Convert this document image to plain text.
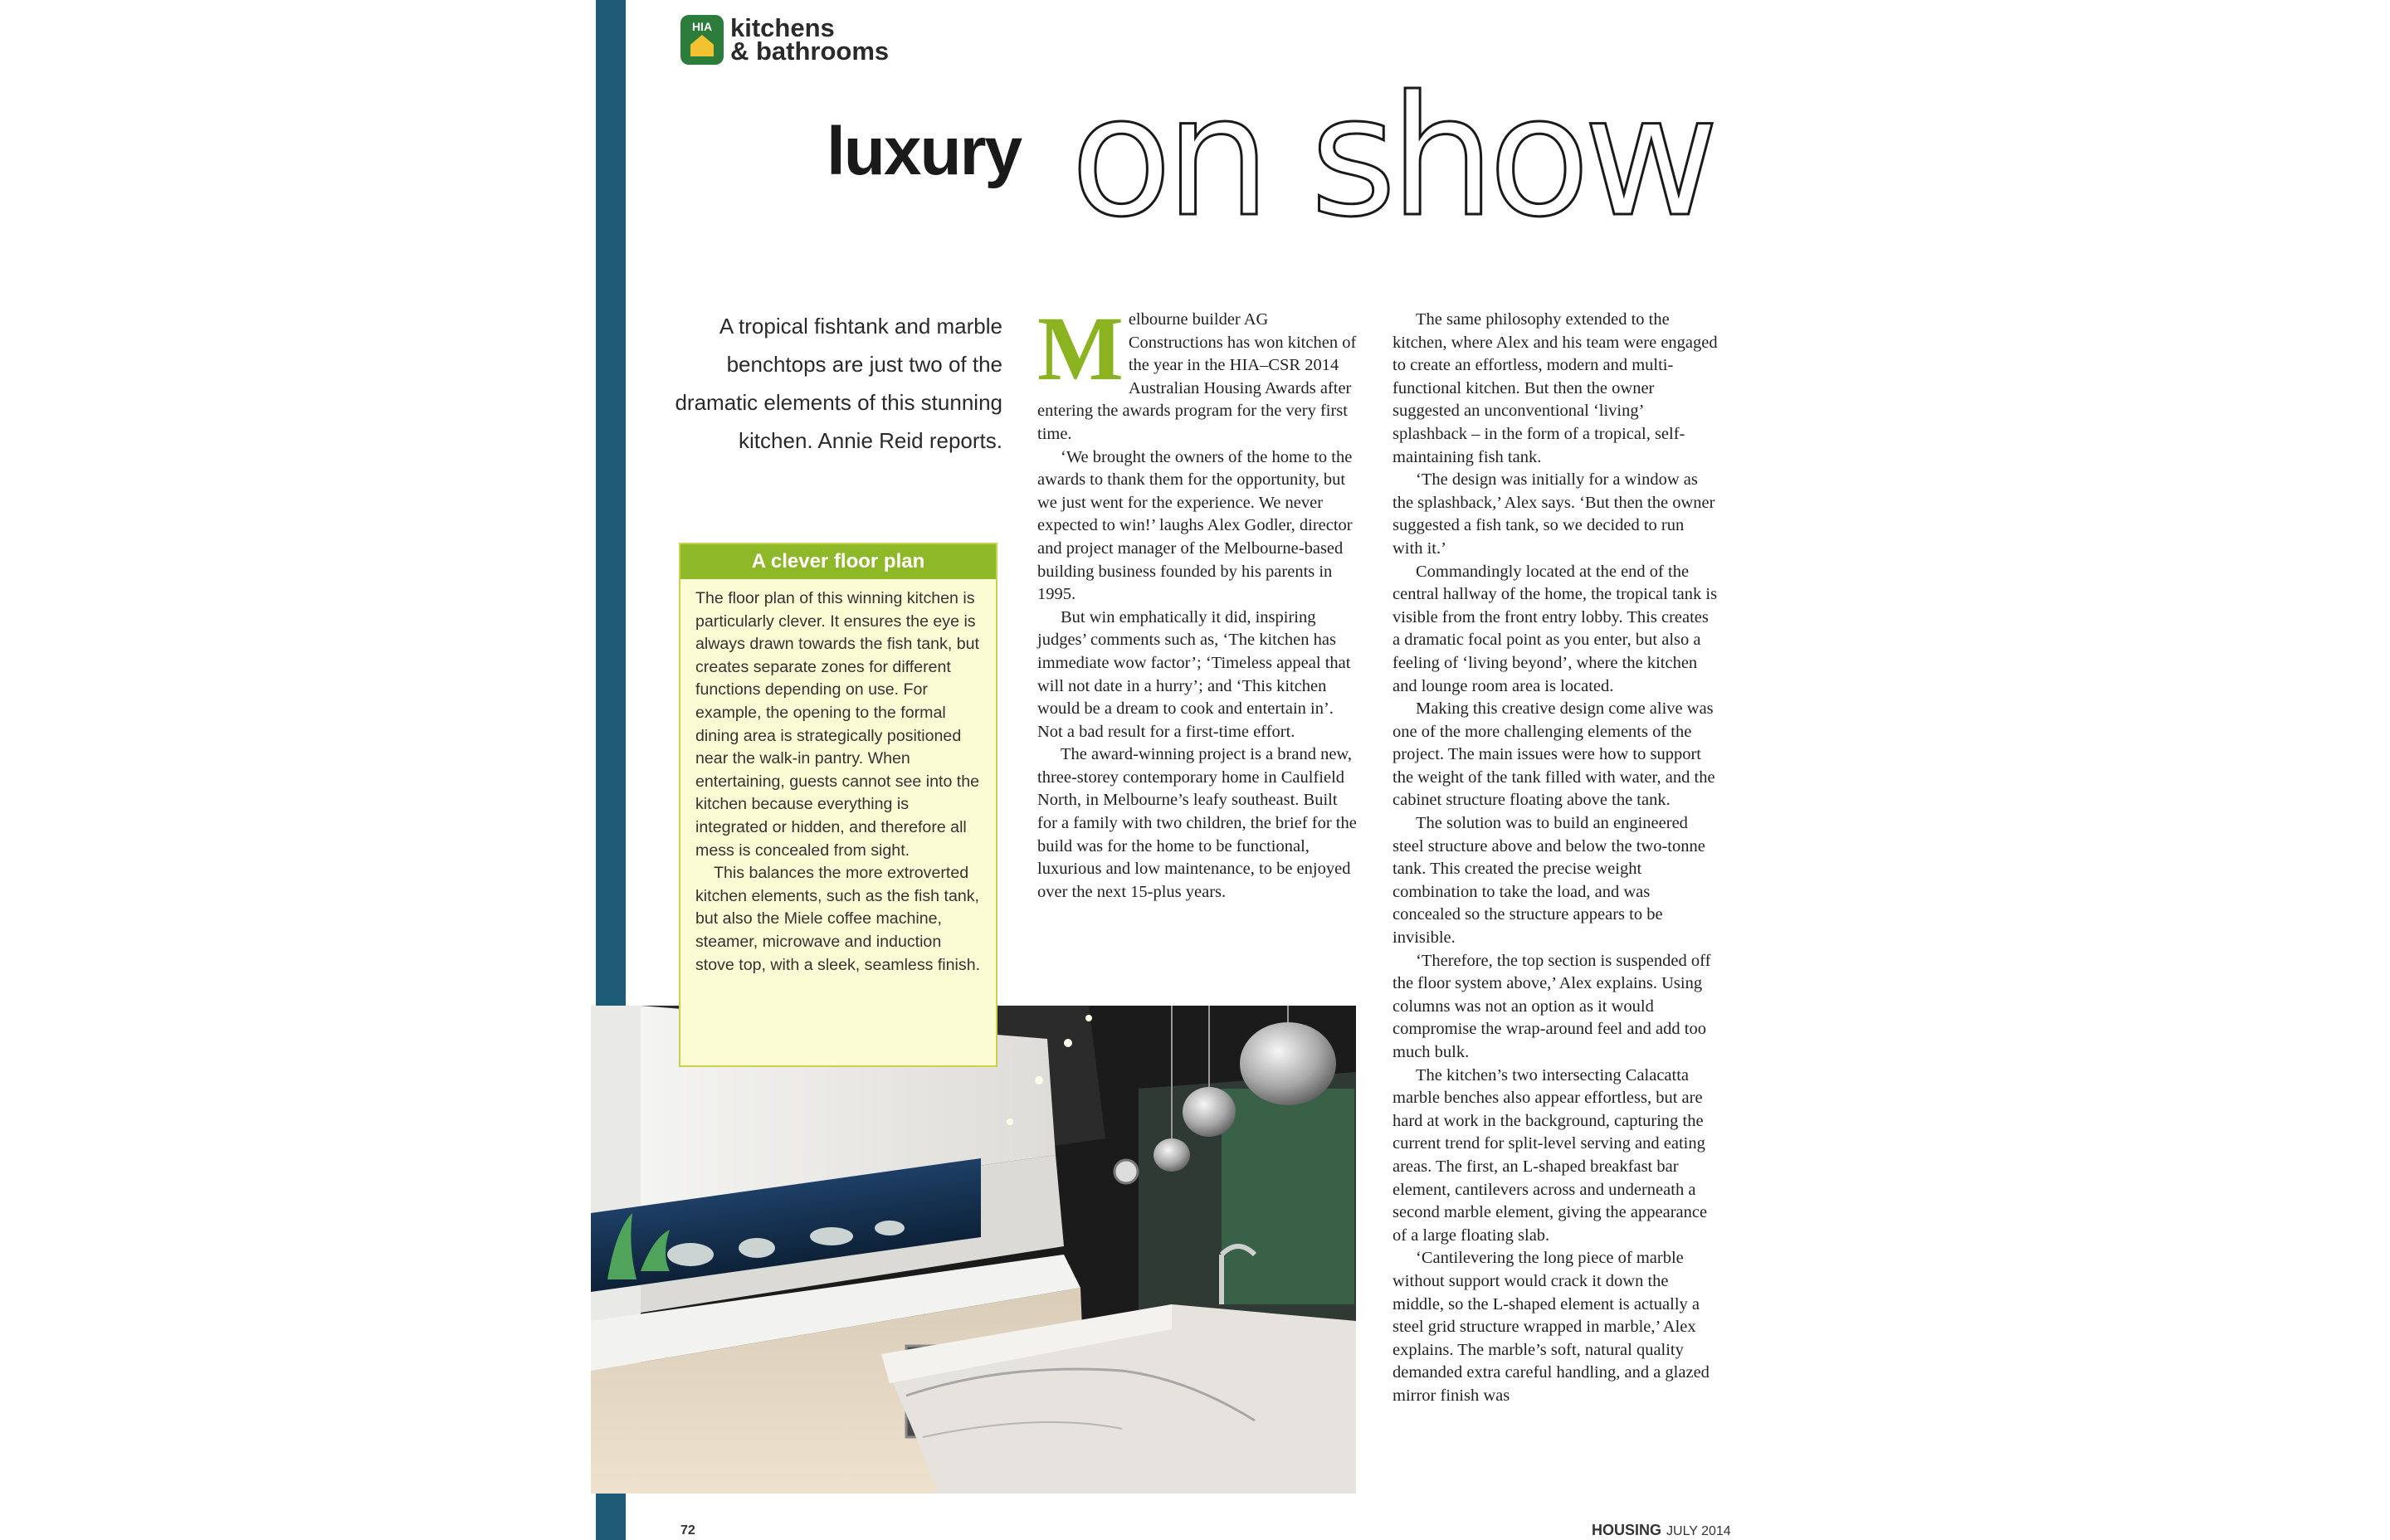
HIA kitchens
& bathrooms
luxury on show
A tropical fishtank and marble benchtops are just two of the dramatic elements of this stunning kitchen. Annie Reid reports.

Melbourne builder AG Constructions has won kitchen of the year in the HIA–CSR 2014 Australian Housing Awards after entering the awards program for the very first time.

‘We brought the owners of the home to the awards to thank them for the opportunity, but we just went for the experience. We never expected to win!’ laughs Alex Godler, director and project manager of the Melbourne-based building business founded by his parents in 1995.

But win emphatically it did, inspiring judges’ comments such as, ‘The kitchen has immediate wow factor’; ‘Timeless appeal that will not date in a hurry’; and ‘This kitchen would be a dream to cook and entertain in’. Not a bad result for a first-time effort.

The award-winning project is a brand new, three-storey contemporary home in Caulfield North, in Melbourne’s leafy southeast. Built for a family with two children, the brief for the build was for the home to be functional, luxurious and low maintenance, to be enjoyed over the next 15-plus years.

The same philosophy extended to the kitchen, where Alex and his team were engaged to create an effortless, modern and multi-functional kitchen. But then the owner suggested an unconventional ‘living’ splashback – in the form of a tropical, self-maintaining fish tank.

‘The design was initially for a window as the splashback,’ Alex says. ‘But then the owner suggested a fish tank, so we decided to run with it.’

Commandingly located at the end of the central hallway of the home, the tropical tank is visible from the front entry lobby. This creates a dramatic focal point as you enter, but also a feeling of ‘living beyond’, where the kitchen and lounge room area is located.

Making this creative design come alive was one of the more challenging elements of the project. The main issues were how to support the weight of the tank filled with water, and the cabinet structure floating above the tank.

The solution was to build an engineered steel structure above and below the two-tonne tank. This created the precise weight combination to take the load, and was concealed so the structure appears to be invisible.

‘Therefore, the top section is suspended off the floor system above,’ Alex explains. Using columns was not an option as it would compromise the wrap-around feel and add too much bulk.

The kitchen’s two intersecting Calacatta marble benches also appear effortless, but are hard at work in the background, capturing the current trend for split-level serving and eating areas. The first, an L-shaped breakfast bar element, cantilevers across and underneath a second marble element, giving the appearance of a large floating slab.

‘Cantilevering the long piece of marble without support would crack it down the middle, so the L-shaped element is actually a steel grid structure wrapped in marble,’ Alex explains. The marble’s soft, natural quality demanded extra careful handling, and a glazed mirror finish was

A clever floor plan

The floor plan of this winning kitchen is particularly clever. It ensures the eye is always drawn towards the fish tank, but creates separate zones for different functions depending on use. For example, the opening to the formal dining area is strategically positioned near the walk-in pantry. When entertaining, guests cannot see into the kitchen because everything is integrated or hidden, and therefore all mess is concealed from sight.

This balances the more extroverted kitchen elements, such as the fish tank, but also the Miele coffee machine, steamer, microwave and induction stove top, with a sleek, seamless finish.

72	HOUSING JULY 2014
